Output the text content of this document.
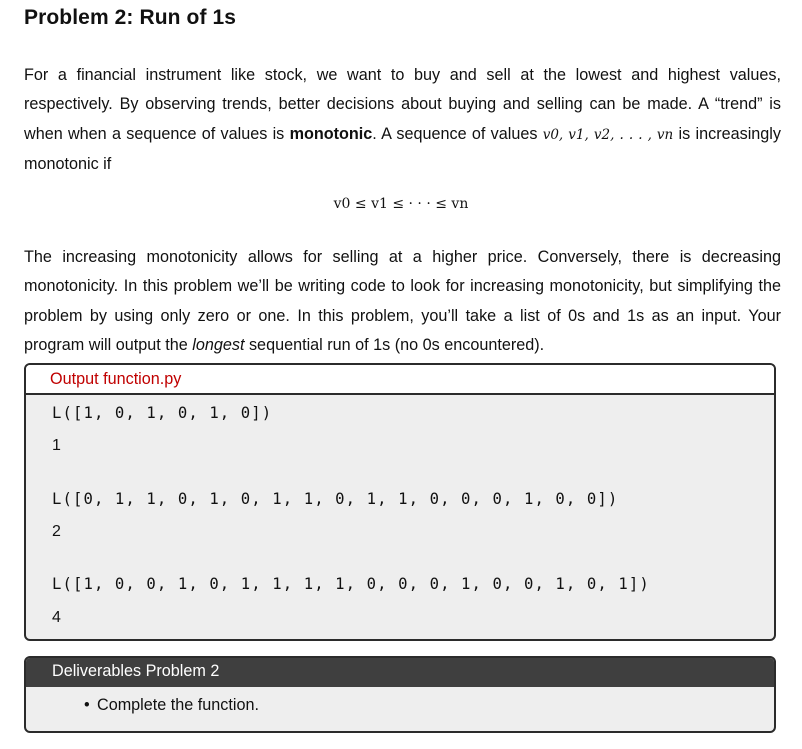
Problem 2: Run of 1s

For a financial instrument like stock, we want to buy and sell at the lowest and highest values, respectively. By observing trends, better decisions about buying and selling can be made. A “trend” is when when a sequence of values is monotonic. A sequence of values v0, v1, v2, . . . , vn is increasingly monotonic if

v0 ≤ v1 ≤ · · · ≤ vn

The increasing monotonicity allows for selling at a higher price. Conversely, there is decreasing monotonicity. In this problem we’ll be writing code to look for increasing monotonicity, but simplifying the problem by using only zero or one. In this problem, you’ll take a list of 0s and 1s as an input. Your program will output the longest sequential run of 1s (no 0s encountered).

Output function.py
L([1, 0, 1, 0, 1, 0])

1

L([0, 1, 1, 0, 1, 0, 1, 1, 0, 1, 1, 0, 0, 0, 1, 0, 0])

2

L([1, 0, 0, 1, 0, 1, 1, 1, 1, 0, 0, 0, 1, 0, 0, 1, 0, 1])

4

Deliverables Problem 2
• Complete the function.
